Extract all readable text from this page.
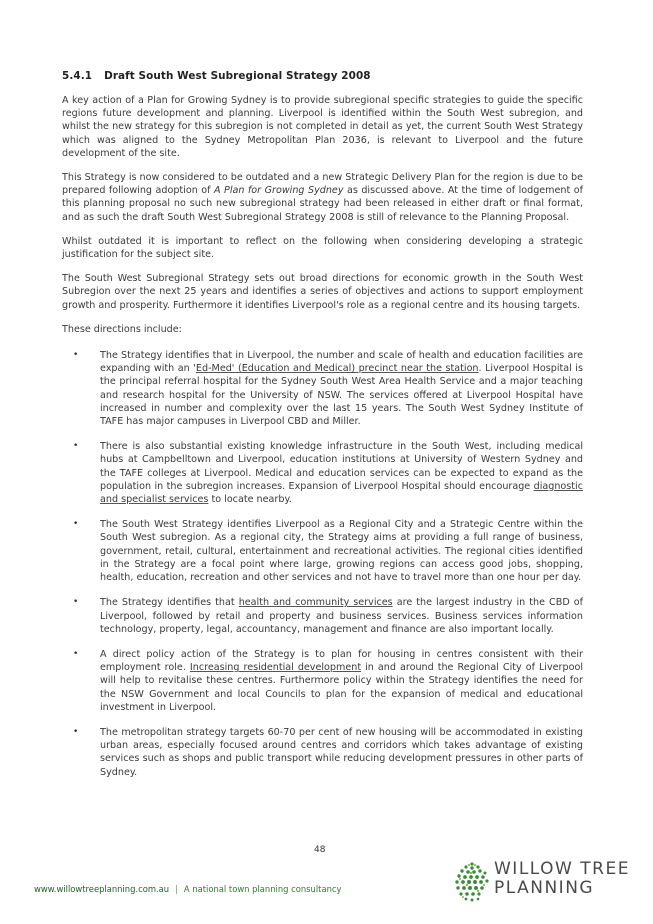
5.4.1 Draft South West Subregional Strategy 2008

A key action of a Plan for Growing Sydney is to provide subregional specific strategies to guide the specific regions future development and planning. Liverpool is identified within the South West subregion, and whilst the new strategy for this subregion is not completed in detail as yet, the current South West Strategy which was aligned to the Sydney Metropolitan Plan 2036, is relevant to Liverpool and the future development of the site.

This Strategy is now considered to be outdated and a new Strategic Delivery Plan for the region is due to be prepared following adoption of A Plan for Growing Sydney as discussed above. At the time of lodgement of this planning proposal no such new subregional strategy had been released in either draft or final format, and as such the draft South West Subregional Strategy 2008 is still of relevance to the Planning Proposal.

Whilst outdated it is important to reflect on the following when considering developing a strategic justification for the subject site.

The South West Subregional Strategy sets out broad directions for economic growth in the South West Subregion over the next 25 years and identifies a series of objectives and actions to support employment growth and prosperity. Furthermore it identifies Liverpool's role as a regional centre and its housing targets.

These directions include:

• The Strategy identifies that in Liverpool, the number and scale of health and education facilities are expanding with an 'Ed-Med' (Education and Medical) precinct near the station. Liverpool Hospital is the principal referral hospital for the Sydney South West Area Health Service and a major teaching and research hospital for the University of NSW. The services offered at Liverpool Hospital have increased in number and complexity over the last 15 years. The South West Sydney Institute of TAFE has major campuses in Liverpool CBD and Miller.
• There is also substantial existing knowledge infrastructure in the South West, including medical hubs at Campbelltown and Liverpool, education institutions at University of Western Sydney and the TAFE colleges at Liverpool. Medical and education services can be expected to expand as the population in the subregion increases. Expansion of Liverpool Hospital should encourage diagnostic and specialist services to locate nearby.
• The South West Strategy identifies Liverpool as a Regional City and a Strategic Centre within the South West subregion. As a regional city, the Strategy aims at providing a full range of business, government, retail, cultural, entertainment and recreational activities. The regional cities identified in the Strategy are a focal point where large, growing regions can access good jobs, shopping, health, education, recreation and other services and not have to travel more than one hour per day.
• The Strategy identifies that health and community services are the largest industry in the CBD of Liverpool, followed by retail and property and business services. Business services information technology, property, legal, accountancy, management and finance are also important locally.
• A direct policy action of the Strategy is to plan for housing in centres consistent with their employment role. Increasing residential development in and around the Regional City of Liverpool will help to revitalise these centres. Furthermore policy within the Strategy identifies the need for the NSW Government and local Councils to plan for the expansion of medical and educational investment in Liverpool.
• The metropolitan strategy targets 60-70 per cent of new housing will be accommodated in existing urban areas, especially focused around centres and corridors which takes advantage of existing services such as shops and public transport while reducing development pressures in other parts of Sydney.
48
www.willowtreeplanning.com.au | A national town planning consultancy
WILLOW TREE
PLANNING
